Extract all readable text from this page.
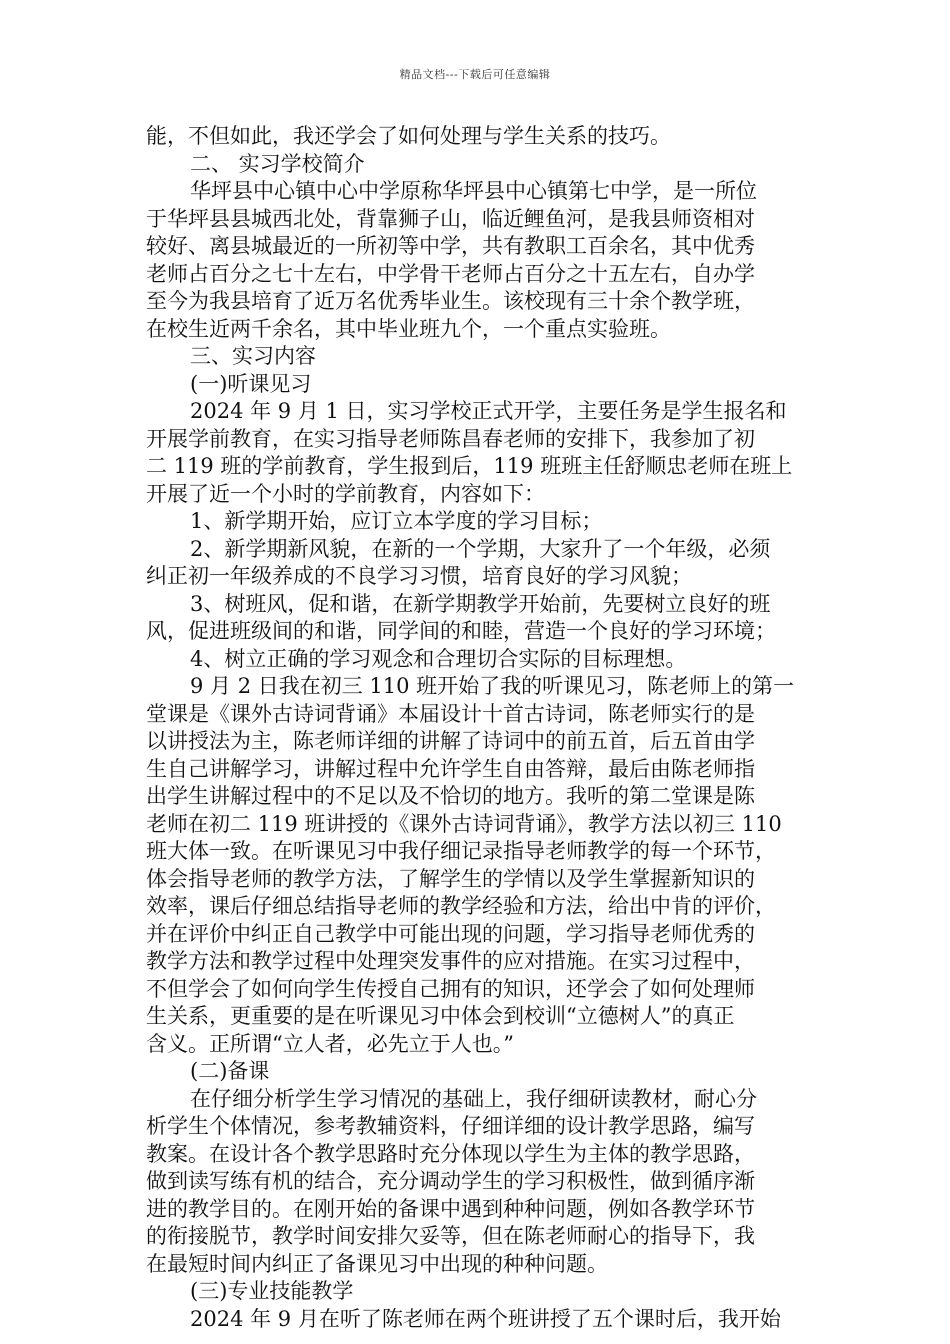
精品文档---下载后可任意编辑
能，不但如此，我还学会了如何处理与学生关系的技巧。
二、 实习学校简介
华坪县中心镇中心中学原称华坪县中心镇第七中学，是一所位
于华坪县县城西北处，背靠狮子山，临近鲤鱼河，是我县师资相对
较好、离县城最近的一所初等中学，共有教职工百余名，其中优秀
老师占百分之七十左右，中学骨干老师占百分之十五左右，自办学
至今为我县培育了近万名优秀毕业生。该校现有三十余个教学班，
在校生近两千余名，其中毕业班九个，一个重点实验班。
三、实习内容
(一)听课见习
2024 年 9 月 1 日，实习学校正式开学，主要任务是学生报名和
开展学前教育，在实习指导老师陈昌春老师的安排下，我参加了初
二 119 班的学前教育，学生报到后，119 班班主任舒顺忠老师在班上
开展了近一个小时的学前教育，内容如下：
1、新学期开始，应订立本学度的学习目标；
2、新学期新风貌，在新的一个学期，大家升了一个年级，必须
纠正初一年级养成的不良学习习惯，培育良好的学习风貌；
3、树班风，促和谐，在新学期教学开始前，先要树立良好的班
风，促进班级间的和谐，同学间的和睦，营造一个良好的学习环境；
4、树立正确的学习观念和合理切合实际的目标理想。
9 月 2 日我在初三 110 班开始了我的听课见习，陈老师上的第一
堂课是《课外古诗词背诵》本届设计十首古诗词，陈老师实行的是
以讲授法为主，陈老师详细的讲解了诗词中的前五首，后五首由学
生自己讲解学习，讲解过程中允许学生自由答辩，最后由陈老师指
出学生讲解过程中的不足以及不恰切的地方。我听的第二堂课是陈
老师在初二 119 班讲授的《课外古诗词背诵》，教学方法以初三 110
班大体一致。在听课见习中我仔细记录指导老师教学的每一个环节，
体会指导老师的教学方法，了解学生的学情以及学生掌握新知识的
效率，课后仔细总结指导老师的教学经验和方法，给出中肯的评价，
并在评价中纠正自己教学中可能出现的问题，学习指导老师优秀的
教学方法和教学过程中处理突发事件的应对措施。在实习过程中，
不但学会了如何向学生传授自己拥有的知识，还学会了如何处理师
生关系，更重要的是在听课见习中体会到校训“立德树人”的真正
含义。正所谓“立人者，必先立于人也。”
(二)备课
在仔细分析学生学习情况的基础上，我仔细研读教材，耐心分
析学生个体情况，参考教辅资料，仔细详细的设计教学思路，编写
教案。在设计各个教学思路时充分体现以学生为主体的教学思路，
做到读写练有机的结合，充分调动学生的学习积极性，做到循序渐
进的教学目的。在刚开始的备课中遇到种种问题，例如各教学环节
的衔接脱节，教学时间安排欠妥等，但在陈老师耐心的指导下，我
在最短时间内纠正了备课见习中出现的种种问题。
(三)专业技能教学
2024 年 9 月在听了陈老师在两个班讲授了五个课时后，我开始
